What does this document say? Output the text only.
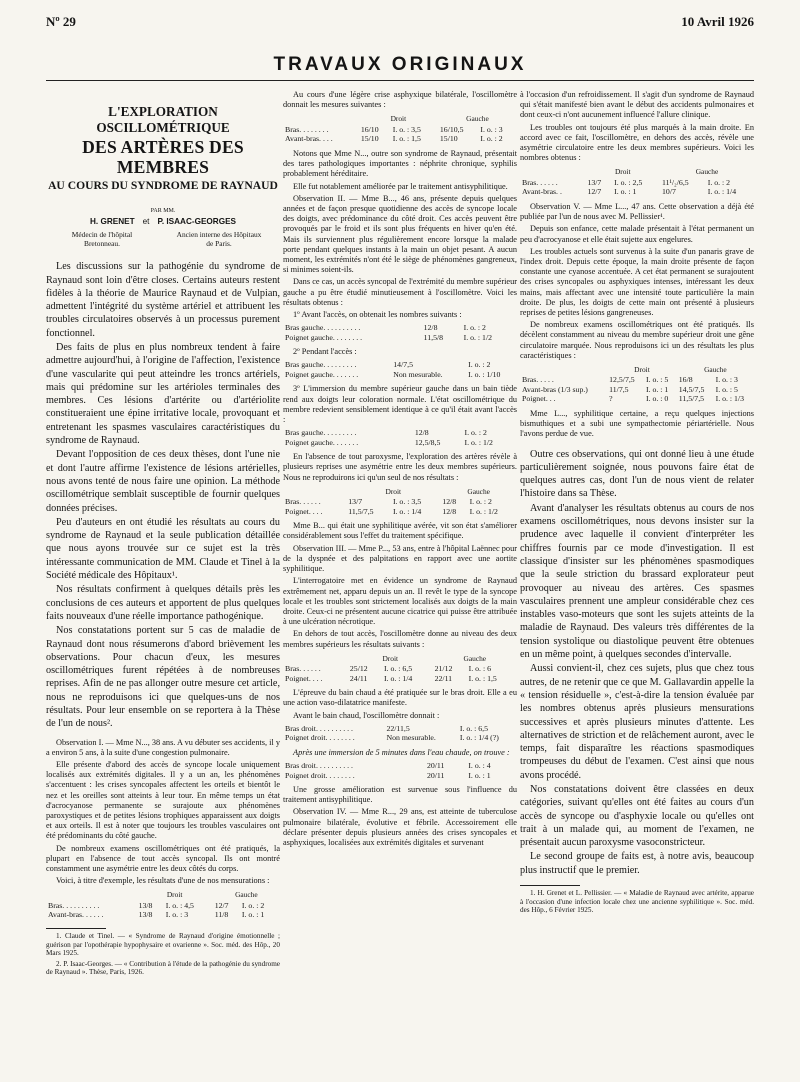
Nº 29	10 Avril 1926
TRAVAUX ORIGINAUX
L'EXPLORATION OSCILLOMÉTRIQUE
DES ARTÈRES DES MEMBRES
AU COURS DU SYNDROME DE RAYNAUD
PAR MM.
H. GRENET et P. ISAAC-GEORGES
Médecin de l'hôpital Bretonneau.
Ancien interne des Hôpitaux de Paris.

Les discussions sur la pathogénie du syndrome de Raynaud sont loin d'être closes. Certains auteurs restent fidèles à la théorie de Maurice Raynaud et de Vulpian, admettent l'intégrité du système artériel et attribuent les troubles circulatoires observés à un processus purement fonctionnel.

Des faits de plus en plus nombreux tendent à faire admettre aujourd'hui, à l'origine de l'affection, l'existence d'une vascularite qui peut atteindre les troncs artériels, mais qui prédomine sur les artérioles terminales des membres. Ces lésions d'artérite ou d'artériolite constitueraient une épine irritative locale, provoquant et entretenant les spasmes vasculaires caractéristiques du syndrome de Raynaud.

Devant l'opposition de ces deux thèses, dont l'une nie et dont l'autre affirme l'existence de lésions artérielles, nous avons tenté de nous faire une opinion. La méthode oscillométrique semblait susceptible de fournir quelques données précises.

Peu d'auteurs en ont étudié les résultats au cours du syndrome de Raynaud et la seule publication détaillée que nous ayons trouvée sur ce sujet est la très intéressante communication de MM. Claude et Tinel à la Société médicale des Hôpitaux¹.

Nos résultats confirment à quelques détails près les conclusions de ces auteurs et apportent de plus quelques faits nouveaux d'une réelle importance pathogénique.

Nos constatations portent sur 5 cas de maladie de Raynaud dont nous résumerons d'abord brièvement les observations. Pour chacun d'eux, les mesures oscillométriques furent répétées à de nombreuses reprises. Afin de ne pas allonger outre mesure cet article, nous ne reproduisons ici que quelques-uns de nos résultats. Pour leur ensemble on se reportera à la Thèse de l'un de nous².

Observation I. — Mme N..., 38 ans. A vu débuter ses accidents, il y a environ 5 ans, à la suite d'une congestion pulmonaire.

Elle présente d'abord des accès de syncope locale uniquement localisés aux extrémités digitales. Il y a un an, les phénomènes s'accentuent : les crises syncopales affectent les orteils et bientôt le nez et les oreilles sont atteints à leur tour. En même temps un état d'acrocyanose permanente se surajoute aux phénomènes paroxystiques et de petites lésions trophiques apparaissent aux doigts et aux orteils. Il est à noter que toujours les troubles vasculaires ont été prédominants du côté gauche.

De nombreux examens oscillométriques ont été pratiqués, la plupart en l'absence de tout accès syncopal. Ils ont montré constamment une asymétrie entre les deux côtés du corps.

Voici, à titre d'exemple, les résultats d'une de nos mensurations :

	Droit		Gauche	
Bras. . . . . . . . . .	13/8	I. o. : 4,5	12/7	I. o. : 2
Avant-bras. . . . . .	13/8	I. o. : 3	11/8	I. o. : 1

1. Claude et Tinel. — « Syndrome de Raynaud d'origine émotionnelle ; guérison par l'opothérapie hypophysaire et ovarienne ». Soc. méd. des Hôp., 20 Mars 1925.

2. P. Isaac-Georges. — « Contribution à l'étude de la pathogénie du syndrome de Raynaud ». Thèse, Paris, 1926.

Au cours d'une légère crise asphyxique bilatérale, l'oscillomètre donnait les mesures suivantes :

	Droit		Gauche	
Bras. . . . . . . .	16/10	I. o. : 3,5	16/10,5	I. o. : 3
Avant-bras. . . .	15/10	I. o. : 1,5	15/10	I. o. : 2

Notons que Mme N..., outre son syndrome de Raynaud, présentait des tares pathologiques importantes : néphrite chronique, syphilis probablement héréditaire.

Elle fut notablement améliorée par le traitement antisyphilitique.

Observation II. — Mme B..., 46 ans, présente depuis quelques années et de façon presque quotidienne des accès de syncope locale des doigts, avec prédominance du côté droit. Ces accès peuvent être provoqués par le froid et ils sont plus fréquents en hiver qu'en été. Mais ils surviennent plus régulièrement encore lorsque la malade porte pendant quelques instants à la main un objet pesant. A aucun moment, les extrémités n'ont été le siège de phénomènes gangreneux, si minimes soient-ils.

Dans ce cas, un accès syncopal de l'extrémité du membre supérieur gauche a pu être étudié minutieusement à l'oscillomètre. Voici les résultats obtenus :

1º Avant l'accès, on obtenait les nombres suivants :

Bras gauche. . . . . . . . . .	12/8	I. o. : 2
Poignet gauche. . . . . . . .	11,5/8	I. o. : 1/2

2º Pendant l'accès :

Bras gauche. . . . . . . . .	14/7,5	I. o. : 2
Poignet gauche. . . . . . .	Non mesurable.	I. o. : 1/10

3º L'immersion du membre supérieur gauche dans un bain tiède rend aux doigts leur coloration normale. L'état oscillométrique du membre redevient sensiblement identique à ce qu'il était avant l'accès :

Bras gauche. . . . . . . . .	12/8	I. o. : 2
Poignet gauche. . . . . . .	12,5/8,5	I. o. : 1/2

En l'absence de tout paroxysme, l'exploration des artères révèle à plusieurs reprises une asymétrie entre les deux membres supérieurs. Nous ne reproduirons ici qu'un seul de nos résultats :

	Droit		Gauche	
Bras. . . . . .	13/7	I. o. : 3,5	12/8	I. o. : 2
Poignet. . . .	11,5/7,5	I. o. : 1/4	12/8	I. o. : 1/2

Mme B... qui était une syphilitique avérée, vit son état s'améliorer considérablement sous l'effet du traitement spécifique.

Observation III. — Mme P..., 53 ans, entre à l'hôpital Laënnec pour de la dyspnée et des palpitations en rapport avec une aortite syphilitique.

L'interrogatoire met en évidence un syndrome de Raynaud extrêmement net, apparu depuis un an. Il revêt le type de la syncope locale et les troubles sont strictement localisés aux doigts de la main droite. Ceux-ci ne présentent aucune cicatrice qui puisse être attribuée à une ulcération nécrotique.

En dehors de tout accès, l'oscillomètre donne au niveau des deux membres supérieurs les résultats suivants :

	Droit		Gauche	
Bras. . . . . .	25/12	I. o. : 6,5	21/12	I. o. : 6
Poignet. . . .	24/11	I. o. : 1/4	22/11	I. o. : 1,5

L'épreuve du bain chaud a été pratiquée sur le bras droit. Elle a eu une action vaso-dilatatrice manifeste.

Avant le bain chaud, l'oscillomètre donnait :

Bras droit. . . . . . . . . .	22/11,5	I. o. : 6,5
Poignet droit. . . . . . . .	Non mesurable.	I. o. : 1/4 (?)

Après une immersion de 5 minutes dans l'eau chaude, on trouve :

Bras droit. . . . . . . . . .	20/11	I. o. : 4
Poignet droit. . . . . . . .	20/11	I. o. : 1

Une grosse amélioration est survenue sous l'influence du traitement antisyphilitique.

Observation IV. — Mme R..., 29 ans, est atteinte de tuberculose pulmonaire bilatérale, évolutive et fébrile. Accessoirement elle déclare présenter depuis plusieurs années des crises syncopales et asphyxiques, localisées aux extrémités digitales et survenant

à l'occasion d'un refroidissement. Il s'agit d'un syndrome de Raynaud qui s'était manifesté bien avant le début des accidents pulmonaires et dont ceux-ci n'ont aucunement influencé l'allure clinique.

Les troubles ont toujours été plus marqués à la main droite. En accord avec ce fait, l'oscillomètre, en dehors des accès, révèle une asymétrie circulatoire entre les deux membres supérieurs. Voici les nombres obtenus :

	Droit		Gauche	
Bras. . . . . .	13/7	I. o. : 2,5	11¹/₂/6,5	I. o. : 2
Avant-bras. .	12/7	I. o. : 1	10/7	I. o. : 1/4

Observation V. — Mme L..., 47 ans. Cette observation a déjà été publiée par l'un de nous avec M. Pellissier¹.

Depuis son enfance, cette malade présentait à l'état permanent un peu d'acrocyanose et elle était sujette aux engelures.

Les troubles actuels sont survenus à la suite d'un panaris grave de l'index droit. Depuis cette époque, la main droite présente de façon constante une cyanose accentuée. A cet état permanent se surajoutent des crises syncopales ou asphyxiques intenses, intéressant les deux mains, mais affectant avec une intensité toute particulière la main droite. De plus, les doigts de cette main ont présenté à plusieurs reprises de petites lésions gangreneuses.

De nombreux examens oscillométriques ont été pratiqués. Ils décèlent constamment au niveau du membre supérieur droit une gêne circulatoire marquée. Nous reproduisons ici un des résultats les plus caractéristiques :

	Droit		Gauche	
Bras. . . . .	12,5/7,5	I. o. : 5	16/8	I. o. : 3
Avant-bras (1/3 sup.)	11/7,5	I. o. : 1	14,5/7,5	I. o. : 5
Poignet. . .	?	I. o. : 0	11,5/7,5	I. o. : 1/3

Mme L..., syphilitique certaine, a reçu quelques injections bismuthiques et a subi une sympathectomie périartérielle. Nous l'avons perdue de vue.

Outre ces observations, qui ont donné lieu à une étude particulièrement soignée, nous pouvons faire état de quelques autres cas, dont l'un de nous vient de relater l'histoire dans sa Thèse.

Avant d'analyser les résultats obtenus au cours de nos examens oscillométriques, nous devons insister sur la prudence avec laquelle il convient d'interpréter les chiffres fournis par ce mode d'investigation. Il est classique d'insister sur les phénomènes spasmodiques que la seule striction du brassard explorateur peut provoquer au niveau des artères. Ces spasmes vasculaires prennent une ampleur considérable chez ces instables vaso-moteurs que sont les sujets atteints de la maladie de Raynaud. Des valeurs très différentes de la tension systolique ou diastolique peuvent être obtenues en un même point, à quelques secondes d'intervalle.

Aussi convient-il, chez ces sujets, plus que chez tous autres, de ne retenir que ce que M. Gallavardin appelle la « tension résiduelle », c'est-à-dire la tension évaluée par les nombres obtenus après plusieurs mensurations successives et après plusieurs minutes d'attente. Les alternatives de striction et de relâchement auront, avec le temps, fait disparaître les réactions spasmodiques trompeuses du début de l'examen. C'est ainsi que nous avons procédé.

Nos constatations doivent être classées en deux catégories, suivant qu'elles ont été faites au cours d'un accès de syncope ou d'asphyxie locale ou qu'elles ont trait à un malade qui, au moment de l'examen, ne présentait aucun paroxysme vasoconstricteur.

Le second groupe de faits est, à notre avis, beaucoup plus instructif que le premier.

1. H. Grenet et L. Pellissier. — « Maladie de Raynaud avec artérite, apparue à l'occasion d'une infection locale chez une ancienne syphilitique ». Soc. méd. des Hôp., 6 Février 1925.
